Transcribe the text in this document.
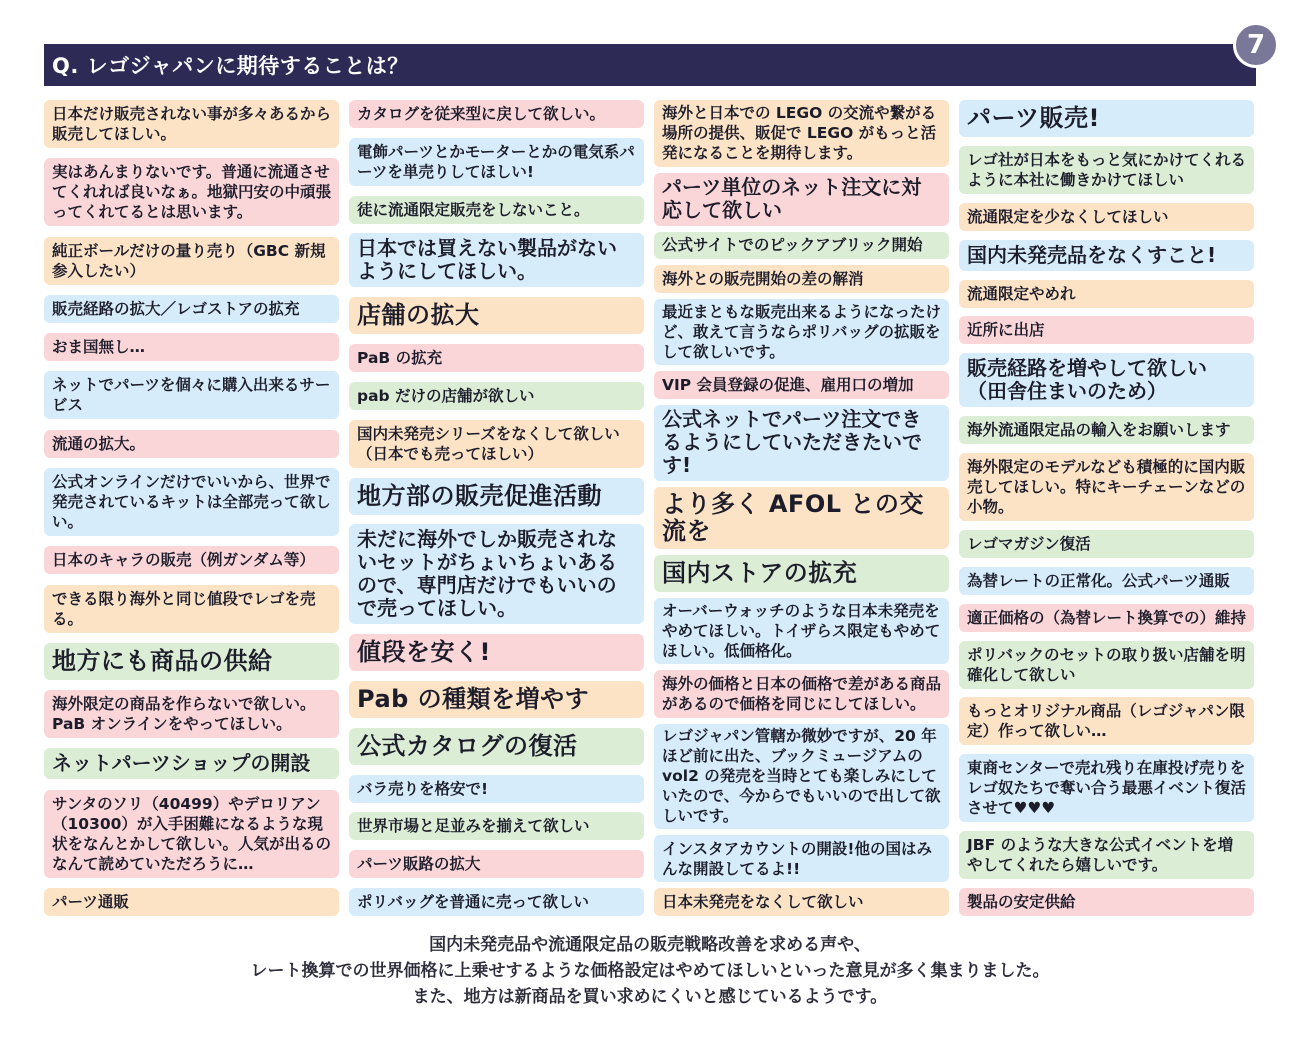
Q. レゴジャパンに期待することは？
7
日本だけ販売されない事が多々あるから販売してほしい。
実はあんまりないです。普通に流通させてくれれば良いなぁ。地獄円安の中頑張ってくれてるとは思います。
純正ボールだけの量り売り（GBC 新規参入したい）
販売経路の拡大／レゴストアの拡充
おま国無し…
ネットでパーツを個々に購入出来るサービス
流通の拡大。
公式オンラインだけでいいから、世界で発売されているキットは全部売って欲しい。
日本のキャラの販売（例ガンダム等）
できる限り海外と同じ値段でレゴを売る。
地方にも商品の供給
海外限定の商品を作らないで欲しい。PaB オンラインをやってほしい。
ネットパーツショップの開設
サンタのソリ（40499）やデロリアン（10300）が入手困難になるような現状をなんとかして欲しい。人気が出るのなんて読めていただろうに…
パーツ通販
カタログを従来型に戻して欲しい。
電飾パーツとかモーターとかの電気系パーツを単売りしてほしい!
徒に流通限定販売をしないこと。
日本では買えない製品がないようにしてほしい。
店舗の拡大
PaB の拡充
pab だけの店舗が欲しい
国内未発売シリーズをなくして欲しい（日本でも売ってほしい）
地方部の販売促進活動
未だに海外でしか販売されないセットがちょいちょいあるので、専門店だけでもいいので売ってほしい。
値段を安く!
Pab の種類を増やす
公式カタログの復活
バラ売りを格安で!
世界市場と足並みを揃えて欲しい
パーツ販路の拡大
ポリバッグを普通に売って欲しい
海外と日本での LEGO の交流や繋がる場所の提供、販促で LEGO がもっと活発になることを期待します。
パーツ単位のネット注文に対応して欲しい
公式サイトでのピックアブリック開始
海外との販売開始の差の解消
最近まともな販売出来るようになったけど、敢えて言うならポリバッグの拡販をして欲しいです。
VIP 会員登録の促進、雇用口の増加
公式ネットでパーツ注文できるようにしていただきたいです!
より多く AFOL との交流を
国内ストアの拡充
オーバーウォッチのような日本未発売をやめてほしい。トイザらス限定もやめてほしい。低価格化。
海外の価格と日本の価格で差がある商品があるので価格を同じにしてほしい。
レゴジャパン管轄か微妙ですが、20 年ほど前に出た、ブックミュージアムの vol2 の発売を当時とても楽しみにしていたので、今からでもいいので出して欲しいです。
インスタアカウントの開設!他の国はみんな開設してるよ!!
日本未発売をなくして欲しい
パーツ販売!
レゴ社が日本をもっと気にかけてくれるように本社に働きかけてほしい
流通限定を少なくしてほしい
国内未発売品をなくすこと!
流通限定やめれ
近所に出店
販売経路を増やして欲しい（田舎住まいのため）
海外流通限定品の輸入をお願いします
海外限定のモデルなども積極的に国内販売してほしい。特にキーチェーンなどの小物。
レゴマガジン復活
為替レートの正常化。公式パーツ通販
適正価格の（為替レート換算での）維持
ポリバックのセットの取り扱い店舗を明確化して欲しい
もっとオリジナル商品（レゴジャパン限定）作って欲しい…
東商センターで売れ残り在庫投げ売りをレゴ奴たちで奪い合う最悪イベント復活させて♥♥♥
JBF のような大きな公式イベントを増やしてくれたら嬉しいです。
製品の安定供給
国内未発売品や流通限定品の販売戦略改善を求める声や、
レート換算での世界価格に上乗せするような価格設定はやめてほしいといった意見が多く集まりました。
また、地方は新商品を買い求めにくいと感じているようです。
